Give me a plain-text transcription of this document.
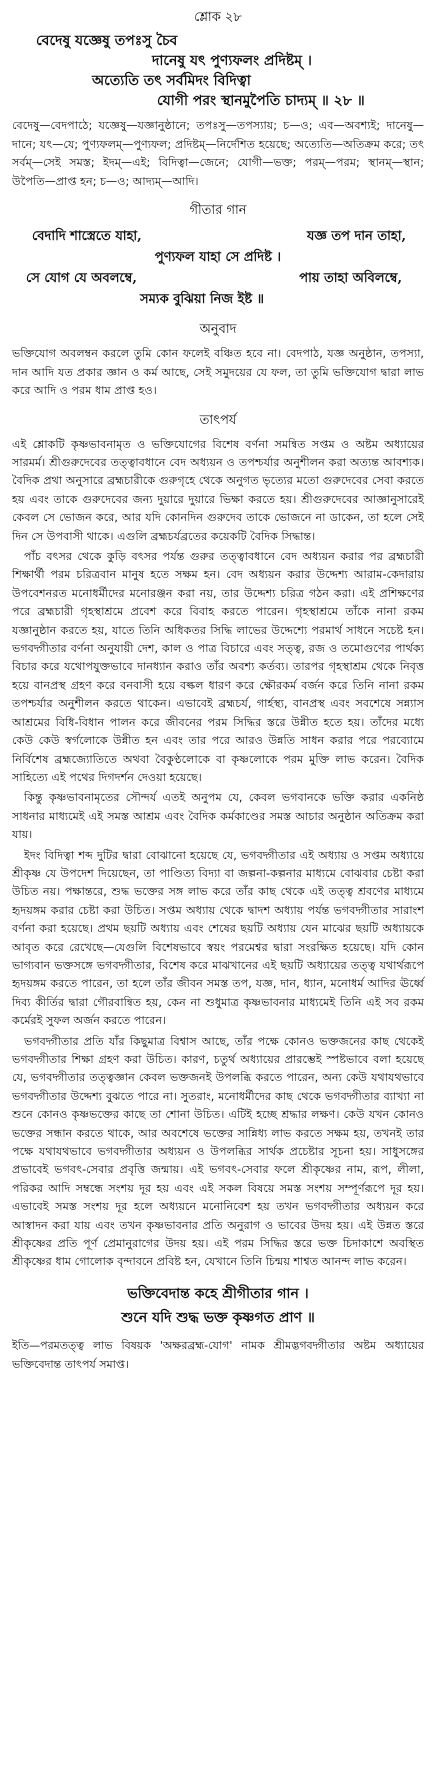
শ্লোক ২৮
বেদেষু যজ্ঞেষু তপঃসু চৈব
দানেষু যৎ পুণ্যফলং প্রদিষ্টম্ ।
অত্যেতি তৎ সর্বমিদং বিদিত্বা
যোগী পরং স্থানমুপৈতি চাদ্যম্ ॥ ২৮ ॥
বেদেষু—বেদপাঠে; যজ্ঞেষু—যজ্ঞানুষ্ঠানে; তপঃসু—তপস্যায়; চ—ও; এব—অবশ্যই; দানেষু—দানে; যৎ—যে; পুণ্যফলম্—পুণ্যফল; প্রদিষ্টম্—নির্দেশিত হয়েছে; অত্যেতি—অতিক্রম করে; তৎ সর্বম্—সেই সমস্ত; ইদম্—এই; বিদিত্বা—জেনে; যোগী—ভক্ত; পরম্—পরম; স্থানম্—স্থান; উপৈতি—প্রাপ্ত হন; চ—ও; আদ্যম্—আদি।
গীতার গান
বেদাদি শাস্ত্রেতে যাহা,	যজ্ঞ তপ দান তাহা,
পুণ্যফল যাহা সে প্রদিষ্ট ।
সে যোগ যে অবলম্বে,	পায় তাহা অবিলম্বে,
সম্যক বুঝিয়া নিজ ইষ্ট ॥
অনুবাদ

ভক্তিযোগ অবলম্বন করলে তুমি কোন ফলেই বঞ্চিত হবে না। বেদপাঠ, যজ্ঞ অনুষ্ঠান, তপস্যা, দান আদি যত প্রকার জ্ঞান ও কর্ম আছে, সেই সমুদয়ের যে ফল, তা তুমি ভক্তিযোগ দ্বারা লাভ করে আদি ও পরম ধাম প্রাপ্ত হও।

তাৎপর্য

এই শ্লোকটি কৃষ্ণভাবনামৃত ও ভক্তিযোগের বিশেষ বর্ণনা সমন্বিত সপ্তম ও অষ্টম অধ্যায়ের সারমর্ম। শ্রীগুরুদেবের তত্ত্বাবধানে বেদ অধ্যয়ন ও তপশ্চর্যার অনুশীলন করা অত্যন্ত আবশ্যক। বৈদিক প্রথা অনুসারে ব্রহ্মচারীকে গুরুগৃহে থেকে অনুগত ভৃত্যের মতো গুরুদেবের সেবা করতে হয় এবং তাকে গুরুদেবের জন্য দুয়ারে দুয়ারে ভিক্ষা করতে হয়। শ্রীগুরুদেবের আজ্ঞানুসারেই কেবল সে ভোজন করে, আর যদি কোনদিন গুরুদেব তাকে ভোজনে না ডাকেন, তা হলে সেই দিন সে উপবাসী থাকে। এগুলি ব্রহ্মচর্যব্রতের কয়েকটি বৈদিক সিদ্ধান্ত।

পাঁচ বৎসর থেকে কুড়ি বৎসর পর্যন্ত গুরুর তত্ত্বাবধানে বেদ অধ্যয়ন করার পর ব্রহ্মচারী শিক্ষার্থী পরম চরিত্রবান মানুষ হতে সক্ষম হন। বেদ অধ্যয়ন করার উদ্দেশ্য আরাম-কেদারায় উপবেশনরত মনোধর্মীদের মনোরঞ্জন করা নয়, তার উদ্দেশ্য চরিত্র গঠন করা। এই প্রশিক্ষণের পরে ব্রহ্মচারী গৃহস্থাশ্রমে প্রবেশ করে বিবাহ করতে পারেন। গৃহস্থাশ্রমে তাঁকে নানা রকম যজ্ঞানুষ্ঠান করতে হয়, যাতে তিনি অধিকতর সিদ্ধি লাভের উদ্দেশ্যে পরমার্থ সাধনে সচেষ্ট হন। ভগবদ্গীতার বর্ণনা অনুযায়ী দেশ, কাল ও পাত্র বিচারে এবং সত্ত্ব, রজ ও তমোগুণের পার্থক্য বিচার করে যথোপযুক্তভাবে দানধ্যান করাও তাঁর অবশ্য কর্তব্য। তারপর গৃহস্থাশ্রম থেকে নিবৃত্ত হয়ে বানপ্রস্থ গ্রহণ করে বনবাসী হয়ে বল্কল ধারণ করে ক্ষৌরকর্ম বর্জন করে তিনি নানা রকম তপশ্চর্যার অনুশীলন করতে থাকেন। এভাবেই ব্রহ্মচর্য, গার্হস্থ্য, বানপ্রস্থ এবং সবশেষে সন্ন্যাস আশ্রমের বিধি-বিধান পালন করে জীবনের পরম সিদ্ধির স্তরে উন্নীত হতে হয়। তাঁদের মধ্যে কেউ কেউ স্বর্গলোকে উন্নীত হন এবং তার পরে আরও উন্নতি সাধন করার পরে পরব্যোমে নির্বিশেষ ব্রহ্মজ্যোতিতে অথবা বৈকুণ্ঠলোকে বা কৃষ্ণলোকে পরম মুক্তি লাভ করেন। বৈদিক সাহিত্যে এই পথের দিগদর্শন দেওয়া হয়েছে।

কিন্তু কৃষ্ণভাবনামৃতের সৌন্দর্য এতই অনুপম যে, কেবল ভগবানকে ভক্তি করার একনিষ্ঠ সাধনার মাধ্যমেই এই সমস্ত আশ্রম এবং বৈদিক কর্মকাণ্ডের সমস্ত আচার অনুষ্ঠান অতিক্রম করা যায়।

ইদং বিদিত্বা শব্দ দুটির দ্বারা বোঝানো হয়েছে যে, ভগবদ্গীতার এই অধ্যায় ও সপ্তম অধ্যায়ে শ্রীকৃষ্ণ যে উপদেশ দিয়েছেন, তা পাণ্ডিত্য বিদ্যা বা জল্পনা-কল্পনার মাধ্যমে বোঝবার চেষ্টা করা উচিত নয়। পক্ষান্তরে, শুদ্ধ ভক্তের সঙ্গ লাভ করে তাঁর কাছ থেকে এই তত্ত্ব শ্রবণের মাধ্যমে হৃদয়ঙ্গম করার চেষ্টা করা উচিত। সপ্তম অধ্যায় থেকে দ্বাদশ অধ্যায় পর্যন্ত ভগবদ্গীতার সারাংশ বর্ণনা করা হয়েছে। প্রথম ছয়টি অধ্যায় এবং শেষের ছয়টি অধ্যায় যেন মাঝের ছয়টি অধ্যায়কে আবৃত করে রেখেছে—যেগুলি বিশেষভাবে স্বয়ং পরমেশ্বর দ্বারা সংরক্ষিত হয়েছে। যদি কোন ভাগ্যবান ভক্তসঙ্গে ভগবদ্গীতার, বিশেষ করে মাঝখানের এই ছয়টি অধ্যায়ের তত্ত্ব যথার্থরূপে হৃদয়ঙ্গম করতে পারেন, তা হলে তাঁর জীবন সমস্ত তপ, যজ্ঞ, দান, ধ্যান, মনোধর্ম আদির ঊর্ধ্বে দিব্য কীর্তির দ্বারা গৌরবান্বিত হয়, কেন না শুধুমাত্র কৃষ্ণভাবনার মাধ্যমেই তিনি এই সব রকম কর্মেরই সুফল অর্জন করতে পারেন।

ভগবদ্গীতার প্রতি যাঁর কিছুমাত্র বিশ্বাস আছে, তাঁর পক্ষে কোনও ভক্তজনের কাছ থেকেই ভগবদ্গীতার শিক্ষা গ্রহণ করা উচিত। কারণ, চতুর্থ অধ্যায়ের প্রারম্ভেই স্পষ্টভাবে বলা হয়েছে যে, ভগবদ্গীতার তত্ত্বজ্ঞান কেবল ভক্তজনই উপলব্ধি করতে পারেন, অন্য কেউ যথাযথভাবে ভগবদ্গীতার উদ্দেশ্য বুঝতে পারে না। সুতরাং, মনোধর্মীদের কাছ থেকে ভগবদ্গীতার ব্যাখ্যা না শুনে কোনও কৃষ্ণভক্তের কাছে তা শোনা উচিত। এটিই হচ্ছে শ্রদ্ধার লক্ষণ। কেউ যখন কোনও ভক্তের সন্ধান করতে থাকে, আর অবশেষে ভক্তের সান্নিধ্য লাভ করতে সক্ষম হয়, তখনই তার পক্ষে যথাযথভাবে ভগবদ্গীতার অধ্যয়ন ও উপলব্ধির সার্থক প্রচেষ্টার সূচনা হয়। সাধুসঙ্গের প্রভাবেই ভগবৎ-সেবার প্রবৃত্তি জন্মায়। এই ভগবৎ-সেবার ফলে শ্রীকৃষ্ণের নাম, রূপ, লীলা, পরিকর আদি সম্বন্ধে সংশয় দূর হয় এবং এই সকল বিষয়ে সমস্ত সংশয় সম্পূর্ণরূপে দূর হয়। এভাবেই সমস্ত সংশয় দূর হলে অধ্যয়নে মনোনিবেশ হয় তখন ভগবদ্গীতার অধ্যয়ন করে আস্বাদন করা যায় এবং তখন কৃষ্ণভাবনার প্রতি অনুরাগ ও ভাবের উদয় হয়। এই উন্নত স্তরে শ্রীকৃষ্ণের প্রতি পূর্ণ প্রেমানুরাগের উদয় হয়। এই পরম সিদ্ধির স্তরে ভক্ত চিদাকাশে অবস্থিত শ্রীকৃষ্ণের ধাম গোলোক বৃন্দাবনে প্রবিষ্ট হন, যেখানে তিনি চিন্ময় শাশ্বত আনন্দ লাভ করেন।

ভক্তিবেদান্ত কহে শ্রীগীতার গান ।
শুনে যদি শুদ্ধ ভক্ত কৃষ্ণগত প্রাণ ॥
ইতি—পরমতত্ত্ব লাভ বিষয়ক 'অক্ষরব্রহ্ম-যোগ' নামক শ্রীমদ্ভগবদ্গীতার অষ্টম অধ্যায়ের ভক্তিবেদান্ত তাৎপর্য সমাপ্ত।
